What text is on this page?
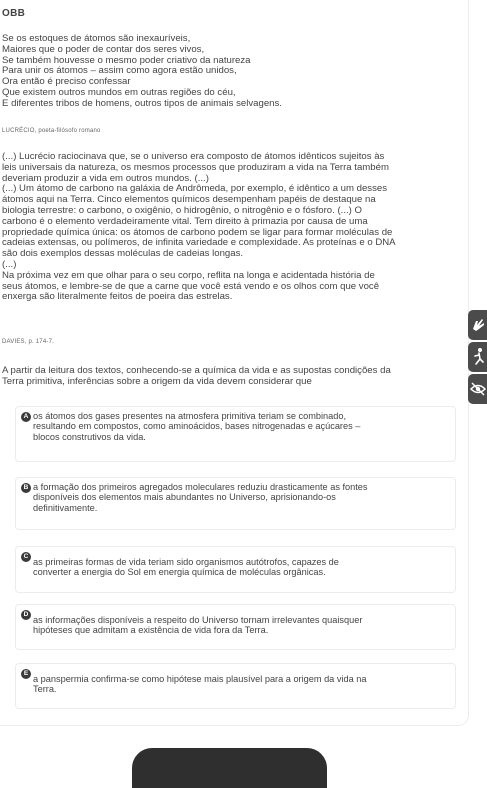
OBB
Se os estoques de átomos são inexauríveis,
Maiores que o poder de contar dos seres vivos,
Se também houvesse o mesmo poder criativo da natureza
Para unir os átomos – assim como agora estão unidos,
Ora então é preciso confessar
Que existem outros mundos em outras regiões do céu,
E diferentes tribos de homens, outros tipos de animais selvagens.
LUCRÉCIO, poeta-filósofo romano
(...) Lucrécio raciocinava que, se o universo era composto de átomos idênticos sujeitos às
leis universais da natureza, os mesmos processos que produziram a vida na Terra também
deveriam produzir a vida em outros mundos. (...)
(...) Um átomo de carbono na galáxia de Andrômeda, por exemplo, é idêntico a um desses
átomos aqui na Terra. Cinco elementos químicos desempenham papéis de destaque na
biologia terrestre: o carbono, o oxigênio, o hidrogênio, o nitrogênio e o fósforo. (...) O
carbono é o elemento verdadeiramente vital. Tem direito à primazia por causa de uma
propriedade química única: os átomos de carbono podem se ligar para formar moléculas de
cadeias extensas, ou polímeros, de infinita variedade e complexidade. As proteínas e o DNA
são dois exemplos dessas moléculas de cadeias longas.
(...)
Na próxima vez em que olhar para o seu corpo, reflita na longa e acidentada história de
seus átomos, e lembre-se de que a carne que você está vendo e os olhos com que você
enxerga são literalmente feitos de poeira das estrelas.
DAVIES, p. 174-7.
A partir da leitura dos textos, conhecendo-se a química da vida e as supostas condições da
Terra primitiva, inferências sobre a origem da vida devem considerar que
A os átomos dos gases presentes na atmosfera primitiva teriam se combinado,
resultando em compostos, como aminoácidos, bases nitrogenadas e açúcares –
blocos construtivos da vida.
B a formação dos primeiros agregados moleculares reduziu drasticamente as fontes
disponíveis dos elementos mais abundantes no Universo, aprisionando-os
definitivamente.
C
as primeiras formas de vida teriam sido organismos autótrofos, capazes de
converter a energia do Sol em energia química de moléculas orgânicas.
D
as informações disponíveis a respeito do Universo tornam irrelevantes quaisquer
hipóteses que admitam a existência de vida fora da Terra.
E
a panspermia confirma-se como hipótese mais plausível para a origem da vida na
Terra.
